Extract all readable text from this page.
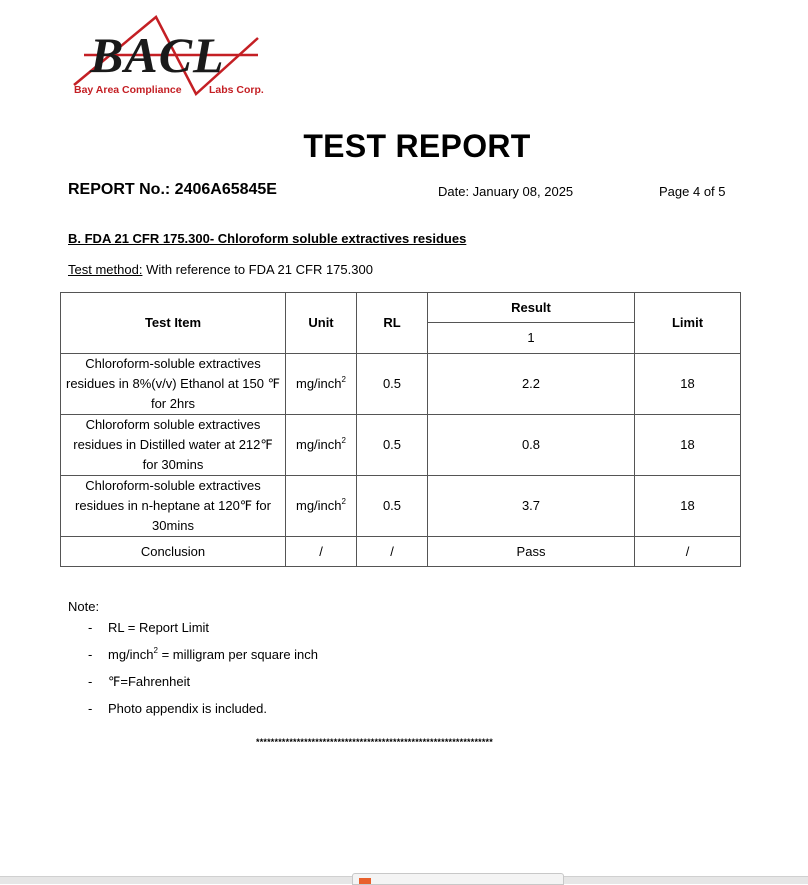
BACL
Bay Area Compliance	Labs Corp.
TEST REPORT
REPORT No.: 2406A65845E	Date: January 08, 2025	Page 4 of 5
B. FDA 21 CFR 175.300- Chloroform soluble extractives residues
Test method: With reference to FDA 21 CFR 175.300
Test Item	Unit	RL	Result	Limit
			1	
Chloroform-soluble extractives residues in 8%(v/v) Ethanol at 150 ℉ for 2hrs	mg/inch$^2$	0.5	2.2	18
Chloroform soluble extractives residues in Distilled water at 212℉ for 30mins	mg/inch$^2$	0.5	0.8	18
Chloroform-soluble extractives residues in n-heptane at 120℉ for 30mins	mg/inch$^2$	0.5	3.7	18
Conclusion	/	/	Pass	/
Note:
- RL = Report Limit
- mg/inch$^2$ = milligram per square inch
- ℉=Fahrenheit
- Photo appendix is included.
****************************************************************
